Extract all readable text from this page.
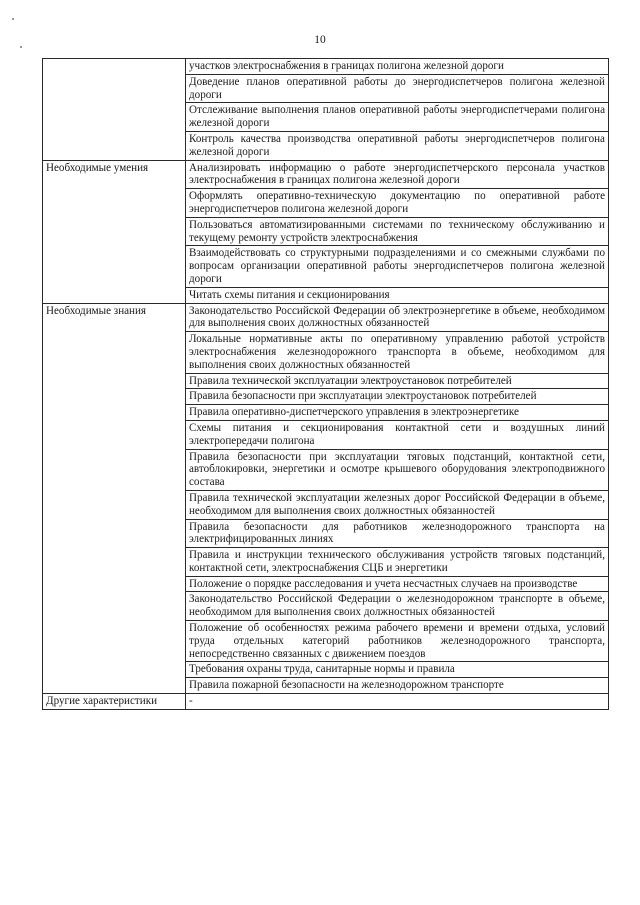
10
	участков электроснабжения в границах полигона железной дороги
	Доведение планов оперативной работы до энергодиспетчеров полигона железной дороги
	Отслеживание выполнения планов оперативной работы энергодиспетчерами полигона железной дороги
	Контроль качества производства оперативной работы энергодиспетчеров полигона железной дороги
Необходимые умения	Анализировать информацию о работе энергодиспетчерского персонала участков электроснабжения в границах полигона железной дороги
	Оформлять оперативно-техническую документацию по оперативной работе энергодиспетчеров полигона железной дороги
	Пользоваться автоматизированными системами по техническому обслуживанию и текущему ремонту устройств электроснабжения
	Взаимодействовать со структурными подразделениями и со смежными службами по вопросам организации оперативной работы энергодиспетчеров полигона железной дороги
	Читать схемы питания и секционирования
Необходимые знания	Законодательство Российской Федерации об электроэнергетике в объеме, необходимом для выполнения своих должностных обязанностей
	Локальные нормативные акты по оперативному управлению работой устройств электроснабжения железнодорожного транспорта в объеме, необходимом для выполнения своих должностных обязанностей
	Правила технической эксплуатации электроустановок потребителей
	Правила безопасности при эксплуатации электроустановок потребителей
	Правила оперативно-диспетчерского управления в электроэнергетике
	Схемы питания и секционирования контактной сети и воздушных линий электропередачи полигона
	Правила безопасности при эксплуатации тяговых подстанций, контактной сети, автоблокировки, энергетики и осмотре крышевого оборудования электроподвижного состава
	Правила технической эксплуатации железных дорог Российской Федерации в объеме, необходимом для выполнения своих должностных обязанностей
	Правила безопасности для работников железнодорожного транспорта на электрифицированных линиях
	Правила и инструкции технического обслуживания устройств тяговых подстанций, контактной сети, электроснабжения СЦБ и энергетики
	Положение о порядке расследования и учета несчастных случаев на производстве
	Законодательство Российской Федерации о железнодорожном транспорте в объеме, необходимом для выполнения своих должностных обязанностей
	Положение об особенностях режима рабочего времени и времени отдыха, условий труда отдельных категорий работников железнодорожного транспорта, непосредственно связанных с движением поездов
	Требования охраны труда, санитарные нормы и правила
	Правила пожарной безопасности на железнодорожном транспорте
Другие характеристики	-
